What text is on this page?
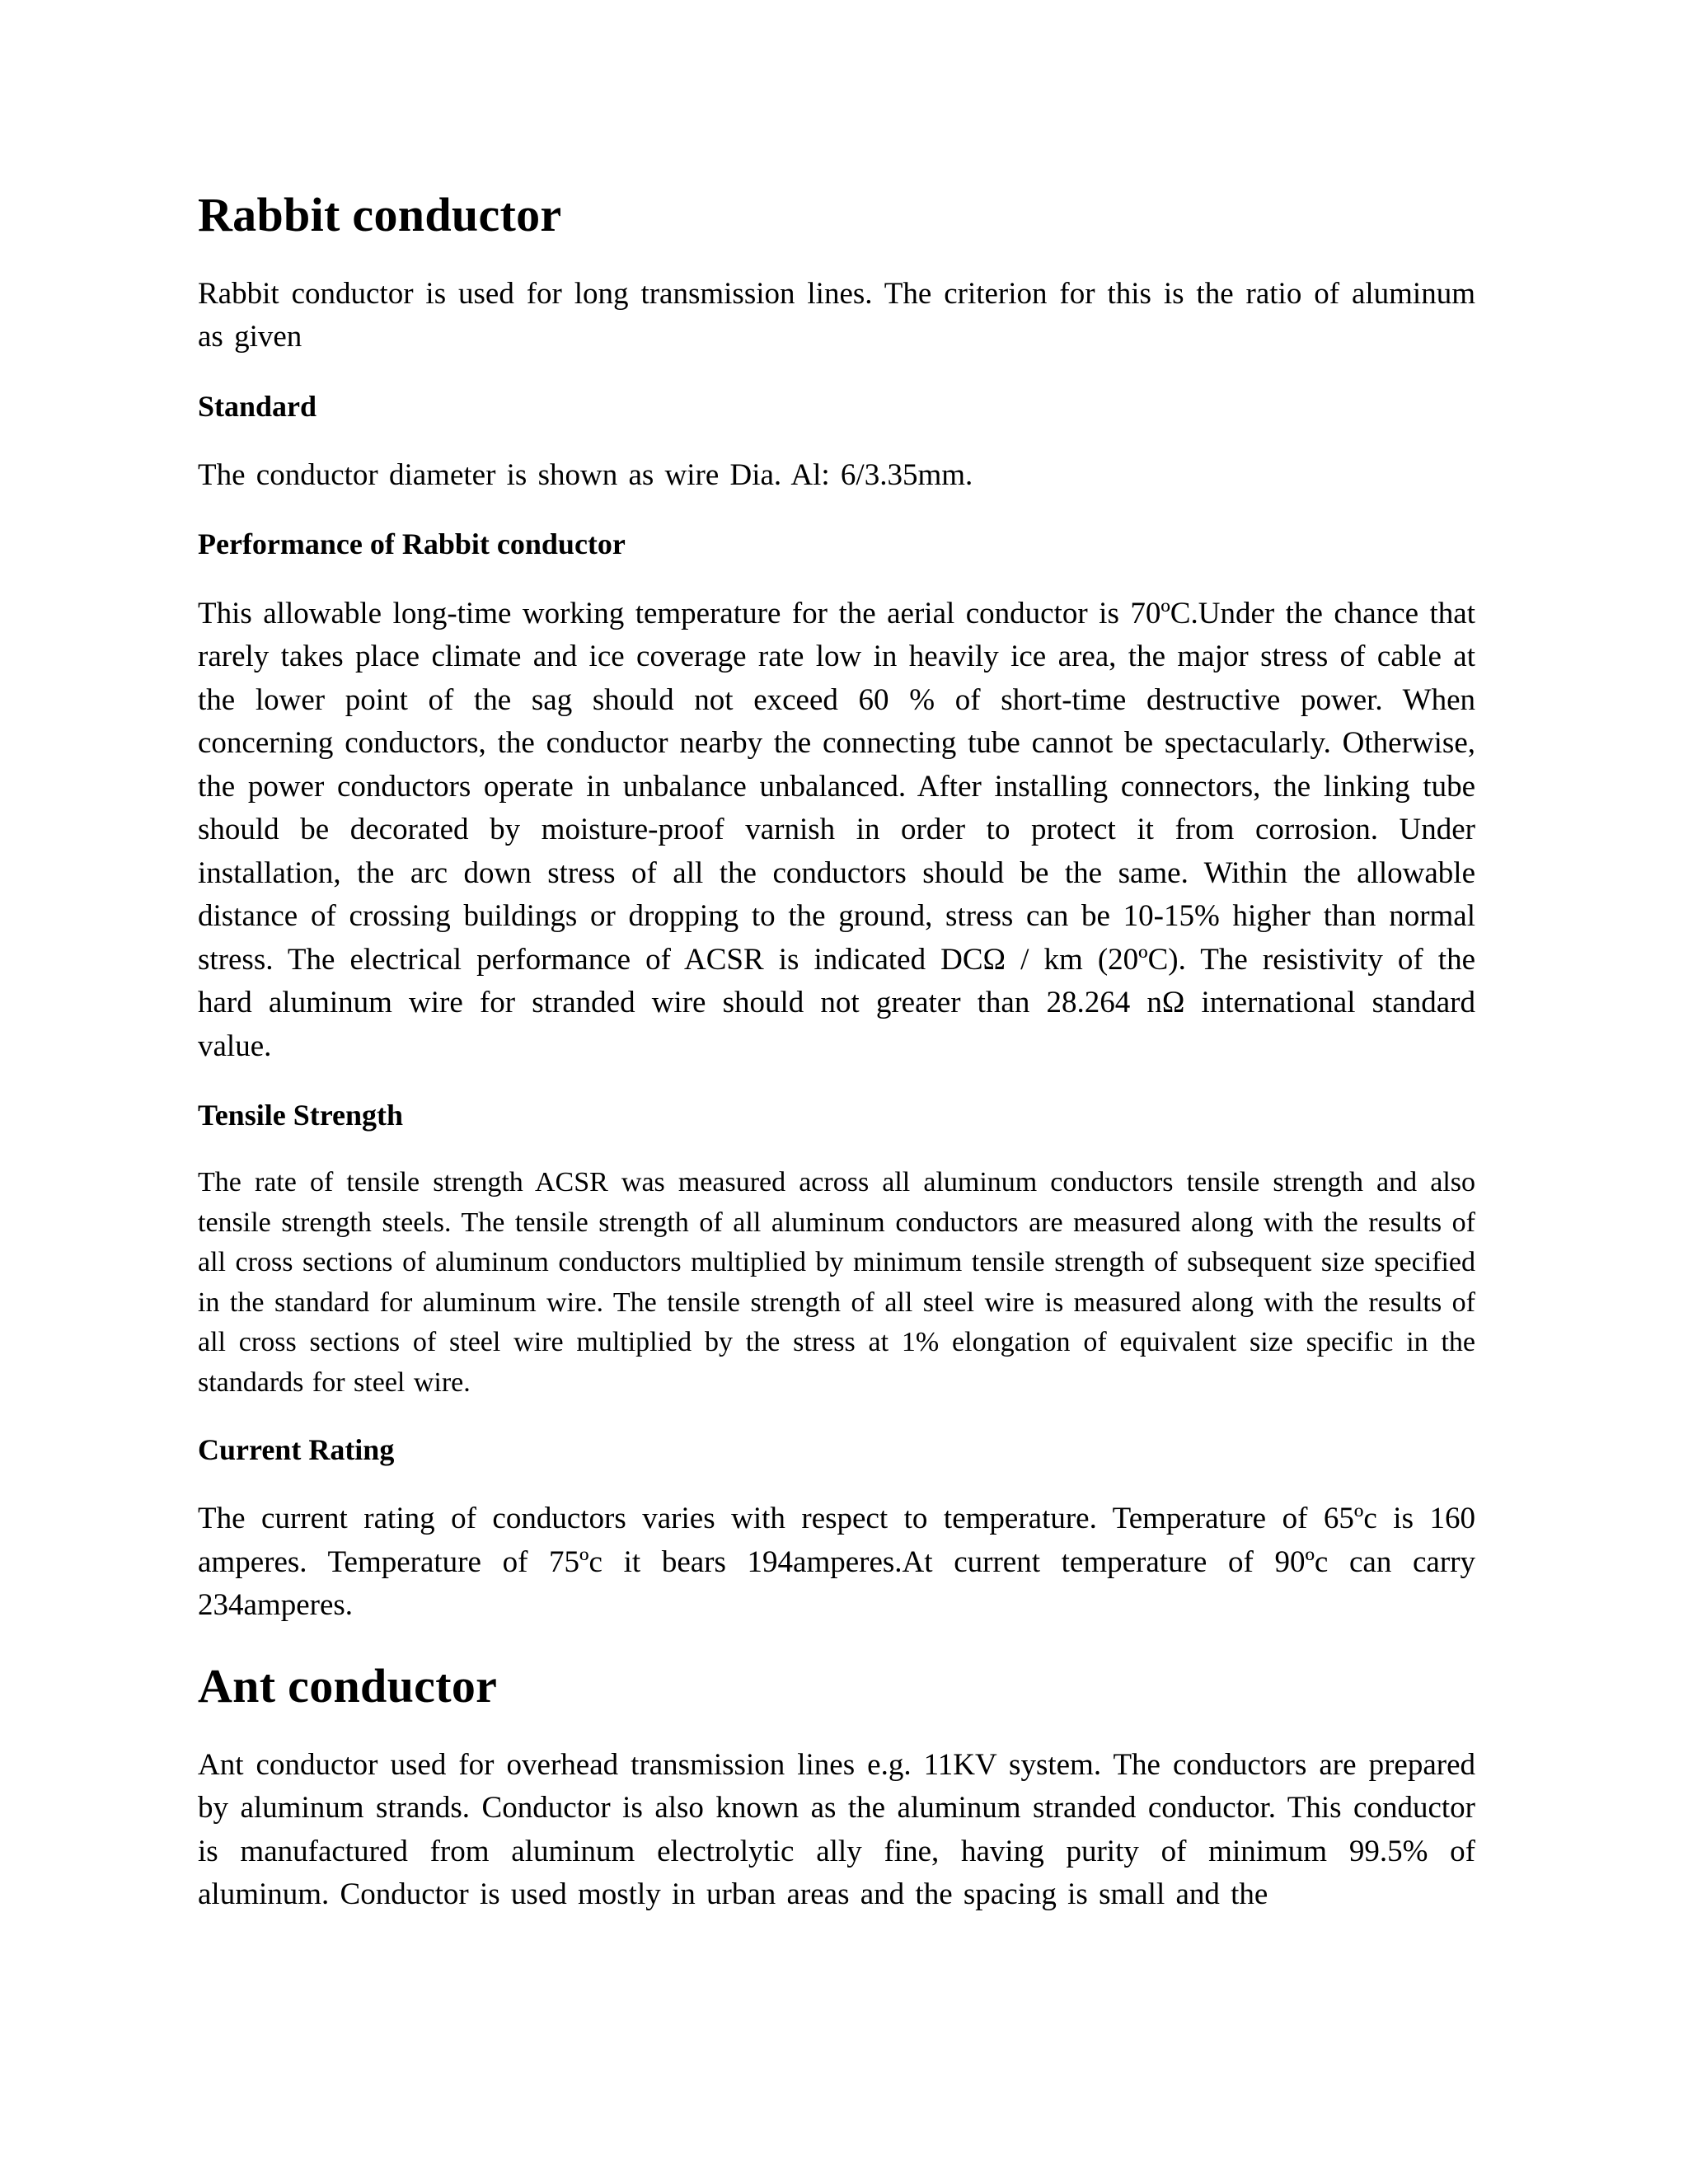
Rabbit conductor

Rabbit conductor is used for long transmission lines. The criterion for this is the ratio of aluminum as given

Standard

The conductor diameter is shown as wire Dia. Al: 6/3.35mm.

Performance of Rabbit conductor

This allowable long-time working temperature for the aerial conductor is 70ºC.Under the chance that rarely takes place climate and ice coverage rate low in heavily ice area, the major stress of cable at the lower point of the sag should not exceed 60 % of short-time destructive power. When concerning conductors, the conductor nearby the connecting tube cannot be spectacularly. Otherwise, the power conductors operate in unbalance unbalanced. After installing connectors, the linking tube should be decorated by moisture-proof varnish in order to protect it from corrosion. Under installation, the arc down stress of all the conductors should be the same. Within the allowable distance of crossing buildings or dropping to the ground, stress can be 10-15% higher than normal stress. The electrical performance of ACSR is indicated DCΩ / km (20ºC). The resistivity of the hard aluminum wire for stranded wire should not greater than 28.264 nΩ international standard value.

Tensile Strength

The rate of tensile strength ACSR was measured across all aluminum conductors tensile strength and also tensile strength steels. The tensile strength of all aluminum conductors are measured along with the results of all cross sections of aluminum conductors multiplied by minimum tensile strength of subsequent size specified in the standard for aluminum wire. The tensile strength of all steel wire is measured along with the results of all cross sections of steel wire multiplied by the stress at 1% elongation of equivalent size specific in the standards for steel wire.

Current Rating

The current rating of conductors varies with respect to temperature. Temperature of 65ºc is 160 amperes. Temperature of 75ºc it bears 194amperes.At current temperature of 90ºc can carry 234amperes.

Ant conductor

Ant conductor used for overhead transmission lines e.g. 11KV system. The conductors are prepared by aluminum strands. Conductor is also known as the aluminum stranded conductor. This conductor is manufactured from aluminum electrolytic ally fine, having purity of minimum 99.5% of aluminum. Conductor is used mostly in urban areas and the spacing is small and the
